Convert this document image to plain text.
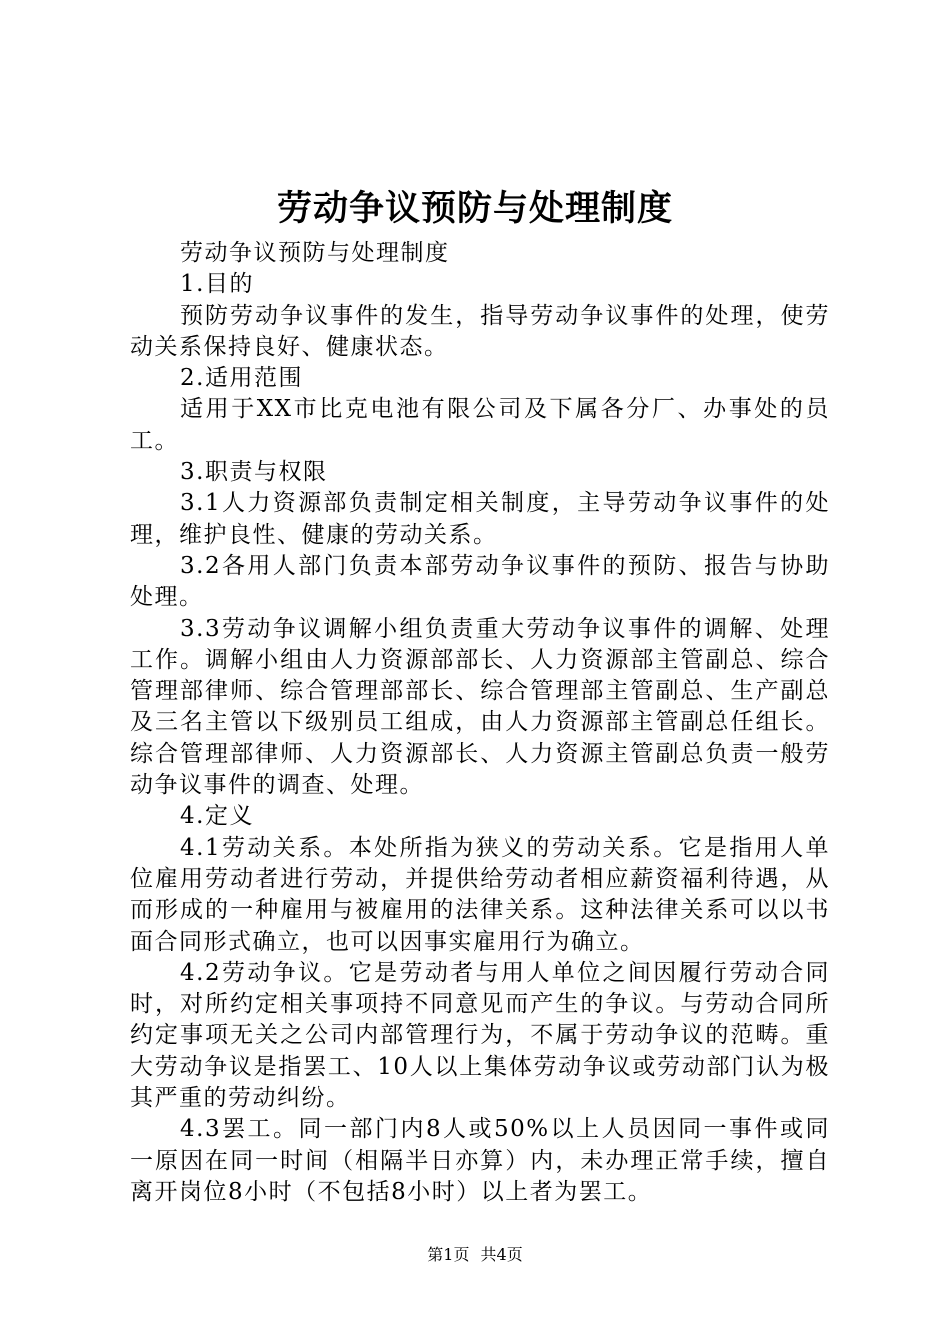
劳动争议预防与处理制度

劳动争议预防与处理制度

1.目的

预防劳动争议事件的发生，指导劳动争议事件的处理，使劳动关系保持良好、健康状态。

2.适用范围

适用于XX市比克电池有限公司及下属各分厂、办事处的员工。

3.职责与权限

3.1人力资源部负责制定相关制度，主导劳动争议事件的处理，维护良性、健康的劳动关系。

3.2各用人部门负责本部劳动争议事件的预防、报告与协助处理。

3.3劳动争议调解小组负责重大劳动争议事件的调解、处理工作。调解小组由人力资源部部长、人力资源部主管副总、综合管理部律师、综合管理部部长、综合管理部主管副总、生产副总及三名主管以下级别员工组成，由人力资源部主管副总任组长。综合管理部律师、人力资源部长、人力资源主管副总负责一般劳动争议事件的调查、处理。

4.定义

4.1劳动关系。本处所指为狭义的劳动关系。它是指用人单位雇用劳动者进行劳动，并提供给劳动者相应薪资福利待遇，从而形成的一种雇用与被雇用的法律关系。这种法律关系可以以书面合同形式确立，也可以因事实雇用行为确立。

4.2劳动争议。它是劳动者与用人单位之间因履行劳动合同时，对所约定相关事项持不同意见而产生的争议。与劳动合同所约定事项无关之公司内部管理行为，不属于劳动争议的范畴。重大劳动争议是指罢工、10人以上集体劳动争议或劳动部门认为极其严重的劳动纠纷。

4.3罢工。同一部门内8人或50%以上人员因同一事件或同一原因在同一时间（相隔半日亦算）内，未办理正常手续，擅自离开岗位8小时（不包括8小时）以上者为罢工。

第1页 共4页
